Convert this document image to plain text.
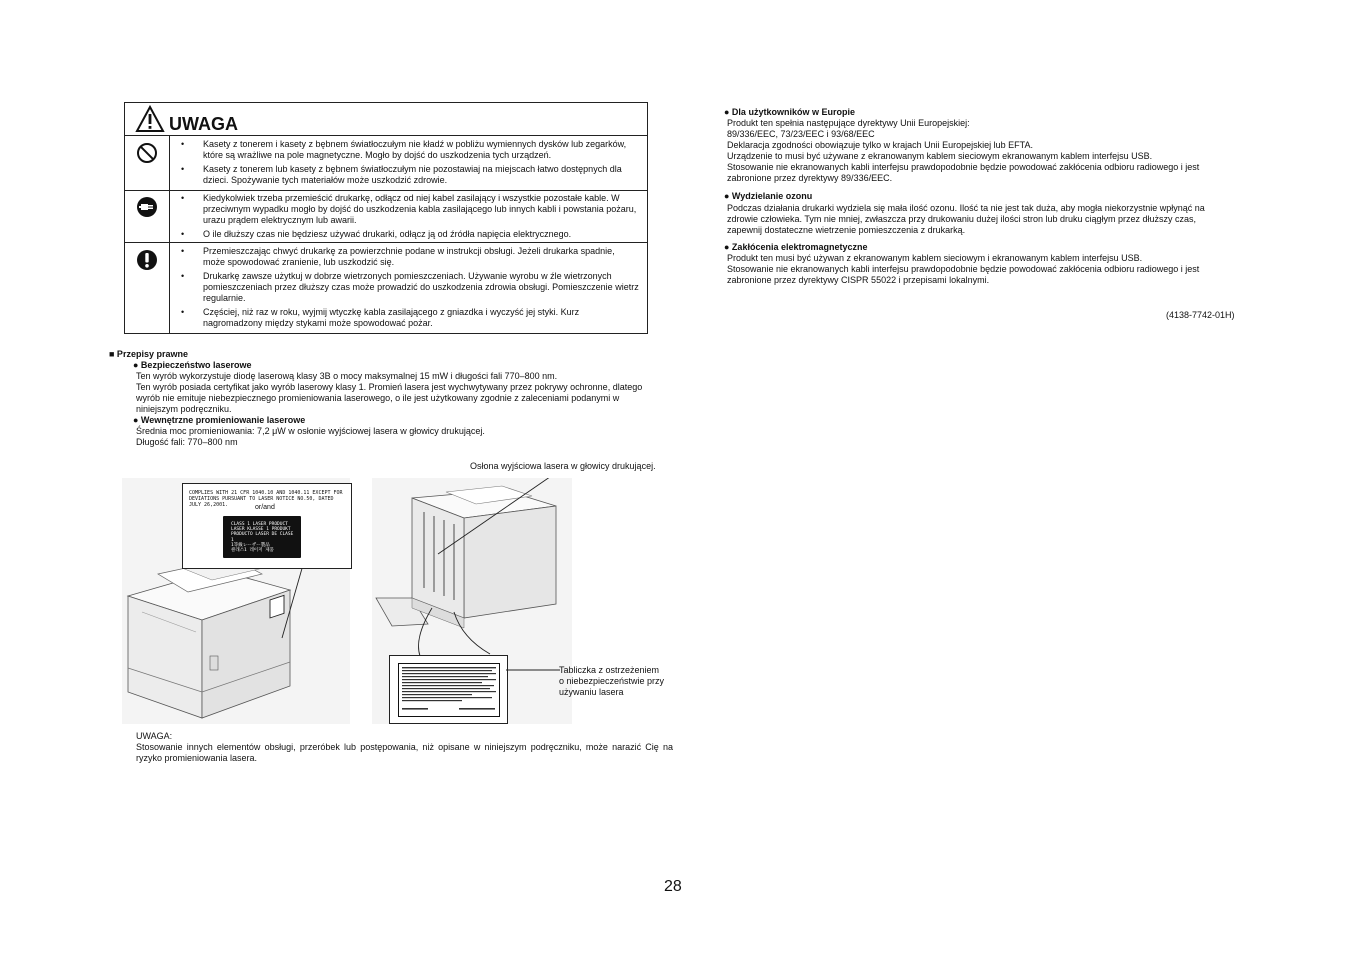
UWAGA
• Kasety z tonerem i kasety z bębnem światłoczułym nie kładź w pobliżu wymiennych dysków lub zegarków, które są wrażliwe na pole magnetyczne. Mogło by dojść do uszkodzenia tych urządzeń.
• Kasety z tonerem lub kasety z bębnem światłoczułym nie pozostawiaj na miejscach łatwo dostępnych dla dzieci. Spożywanie tych materiałów może uszkodzić zdrowie.
• Kiedykolwiek trzeba przemieścić drukarkę, odłącz od niej kabel zasilający i wszystkie pozostałe kable. W przeciwnym wypadku mogło by dojść do uszkodzenia kabla zasilającego lub innych kabli i powstania pożaru, urazu prądem elektrycznym lub awarii.
• O ile dłuższy czas nie będziesz używać drukarki, odłącz ją od źródła napięcia elektrycznego.
• Przemieszczając chwyć drukarkę za powierzchnie podane w instrukcji obsługi. Jeżeli drukarka spadnie, może spowodować zranienie, lub uszkodzić się.
• Drukarkę zawsze użytkuj w dobrze wietrzonych pomieszczeniach. Używanie wyrobu w źle wietrzonych pomieszczeniach przez dłuższy czas może prowadzić do uszkodzenia zdrowia obsługi. Pomieszczenie wietrz regularnie.
• Częściej, niż raz w roku, wyjmij wtyczkę kabla zasilającego z gniazdka i wyczyść jej styki. Kurz nagromadzony między stykami może spowodować pożar.
■ Przepisy prawne
● Bezpieczeństwo laserowe

Ten wyrób wykorzystuje diodę laserową klasy 3B o mocy maksymalnej 15 mW i długości fali 770–800 nm.

Ten wyrób posiada certyfikat jako wyrób laserowy klasy 1. Promień lasera jest wychwytywany przez pokrywy ochronne, dlatego wyrób nie emituje niebezpiecznego promieniowania laserowego, o ile jest użytkowany zgodnie z zaleceniami podanymi w niniejszym podręczniku.

● Wewnętrzne promieniowanie laserowe

Średnia moc promieniowania: 7,2 μW w osłonie wyjściowej lasera w głowicy drukującej.

Długość fali: 770–800 nm

Osłona wyjściowa lasera w głowicy drukującej.
COMPLIES WITH 21 CFR 1040.10 AND 1040.11 EXCEPT FOR
DEVIATIONS PURSUANT TO LASER NOTICE NO.50, DATED JULY 26,2001.	or/and
CLASS 1 LASER PRODUCT
LASER KLASSE 1 PRODUKT
PRODUCTO LASER DE CLASE 1
1等級レーザー製品
클래스1 레이저 제품

Tabliczka z ostrzeżeniem

o niebezpieczeństwie przy

używaniu lasera

UWAGA:
Stosowanie innych elementów obsługi, przeróbek lub postępowania, niż opisane w niniejszym podręczniku, może narazić Cię na ryzyko promieniowania lasera.
● Dla użytkowników w Europie

Produkt ten spełnia następujące dyrektywy Unii Europejskiej:

89/336/EEC, 73/23/EEC i 93/68/EEC

Deklaracja zgodności obowiązuje tylko w krajach Unii Europejskiej lub EFTA.

Urządzenie to musi być używane z ekranowanym kablem sieciowym ekranowanym kablem interfejsu USB.

Stosowanie nie ekranowanych kabli interfejsu prawdopodobnie będzie powodować zakłócenia odbioru radiowego i jest zabronione przez dyrektywy 89/336/EEC.

● Wydzielanie ozonu
Podczas działania drukarki wydziela się mała ilość ozonu. Ilość ta nie jest tak duża, aby mogła niekorzystnie wpłynąć na zdrowie człowieka. Tym nie mniej, zwłaszcza przy drukowaniu dużej ilości stron lub druku ciągłym przez dłuższy czas, zapewnij dostateczne wietrzenie pomieszczenia z drukarką.
● Zakłócenia elektromagnetyczne

Produkt ten musi być używan z ekranowanym kablem sieciowym i ekranowanym kablem interfejsu USB.

Stosowanie nie ekranowanych kabli interfejsu prawdopodobnie będzie powodować zakłócenia odbioru radiowego i jest zabronione przez dyrektywy CISPR 55022 i przepisami lokalnymi.

(4138-7742-01H)
28
